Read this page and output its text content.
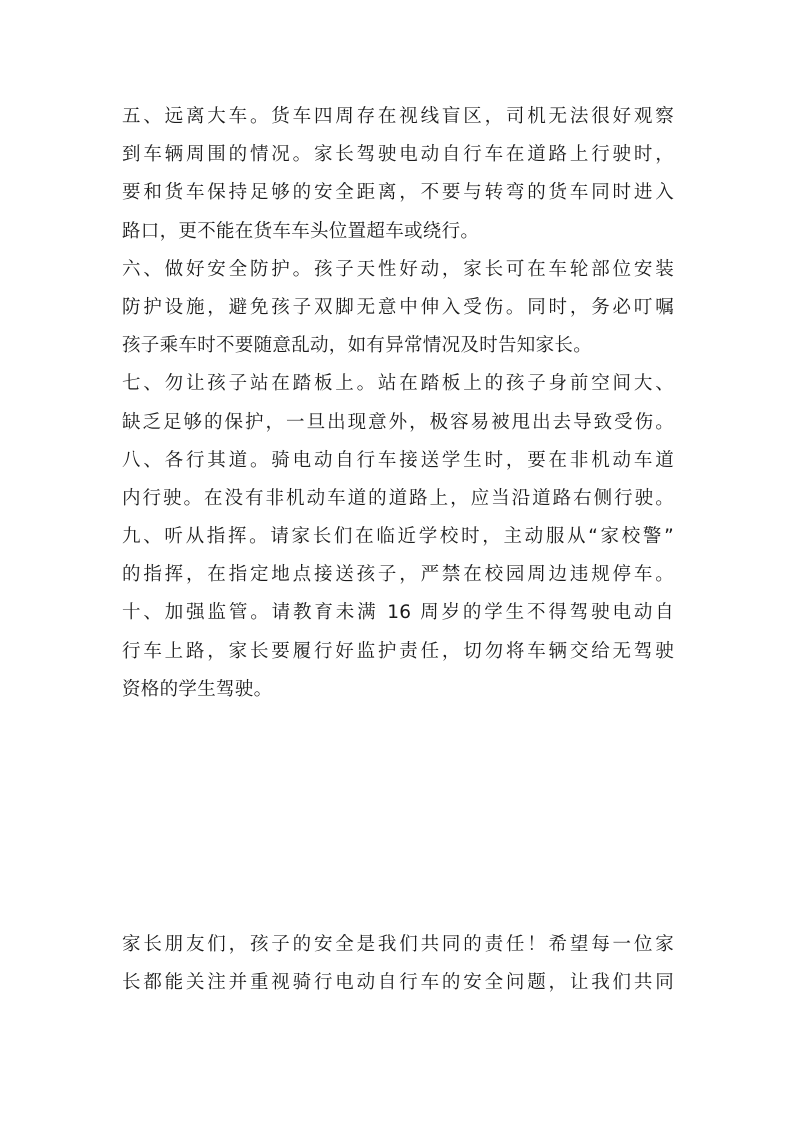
五、远离大车。货车四周存在视线盲区，司机无法很好观察
到车辆周围的情况。家长驾驶电动自行车在道路上行驶时，
要和货车保持足够的安全距离，不要与转弯的货车同时进入
路口，更不能在货车车头位置超车或绕行。
六、做好安全防护。孩子天性好动，家长可在车轮部位安装
防护设施，避免孩子双脚无意中伸入受伤。同时，务必叮嘱
孩子乘车时不要随意乱动，如有异常情况及时告知家长。
七、勿让孩子站在踏板上。站在踏板上的孩子身前空间大、
缺乏足够的保护，一旦出现意外，极容易被甩出去导致受伤。
八、各行其道。骑电动自行车接送学生时，要在非机动车道
内行驶。在没有非机动车道的道路上，应当沿道路右侧行驶。
九、听从指挥。请家长们在临近学校时，主动服从“家校警”
的指挥，在指定地点接送孩子，严禁在校园周边违规停车。
十、加强监管。请教育未满 16 周岁的学生不得驾驶电动自
行车上路，家长要履行好监护责任，切勿将车辆交给无驾驶
资格的学生驾驶。
家长朋友们，孩子的安全是我们共同的责任！希望每一位家
长都能关注并重视骑行电动自行车的安全问题，让我们共同
